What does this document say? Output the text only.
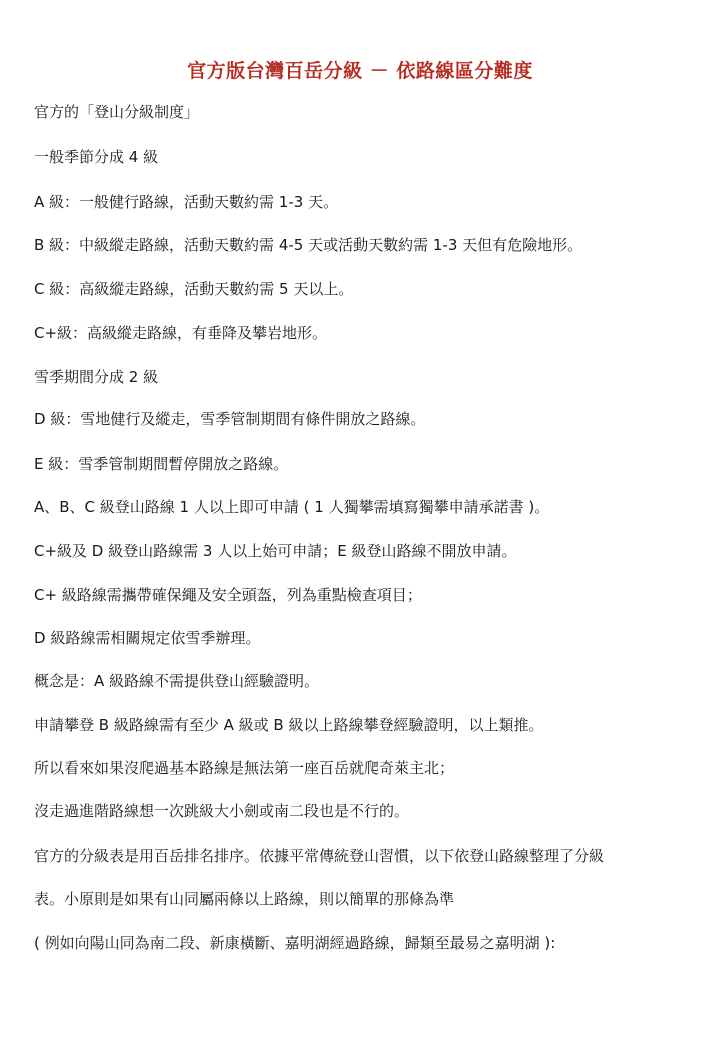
官方版台灣百岳分級 － 依路線區分難度
官方的「登山分級制度」
一般季節分成 4 級
A 級：一般健行路線，活動天數約需 1-3 天。
B 級：中級縱走路線，活動天數約需 4-5 天或活動天數約需 1-3 天但有危險地形。
C 級：高級縱走路線，活動天數約需 5 天以上。
C+級：高級縱走路線，有垂降及攀岩地形。
雪季期間分成 2 級
D 級：雪地健行及縱走，雪季管制期間有條件開放之路線。
E 級：雪季管制期間暫停開放之路線。
A、B、C 級登山路線 1 人以上即可申請 ( 1 人獨攀需填寫獨攀申請承諾書 )。
C+級及 D 級登山路線需 3 人以上始可申請；E 級登山路線不開放申請。
C+ 級路線需攜帶確保繩及安全頭盔，列為重點檢查項目；
D 級路線需相關規定依雪季辦理。
概念是：A 級路線不需提供登山經驗證明。
申請攀登 B 級路線需有至少 A 級或 B 級以上路線攀登經驗證明，以上類推。
所以看來如果沒爬過基本路線是無法第一座百岳就爬奇萊主北；
沒走過進階路線想一次跳級大小劍或南二段也是不行的。
官方的分級表是用百岳排名排序。依據平常傳統登山習慣，以下依登山路線整理了分級
表。小原則是如果有山同屬兩條以上路線，則以簡單的那條為準
( 例如向陽山同為南二段、新康橫斷、嘉明湖經過路線，歸類至最易之嘉明湖 ):
